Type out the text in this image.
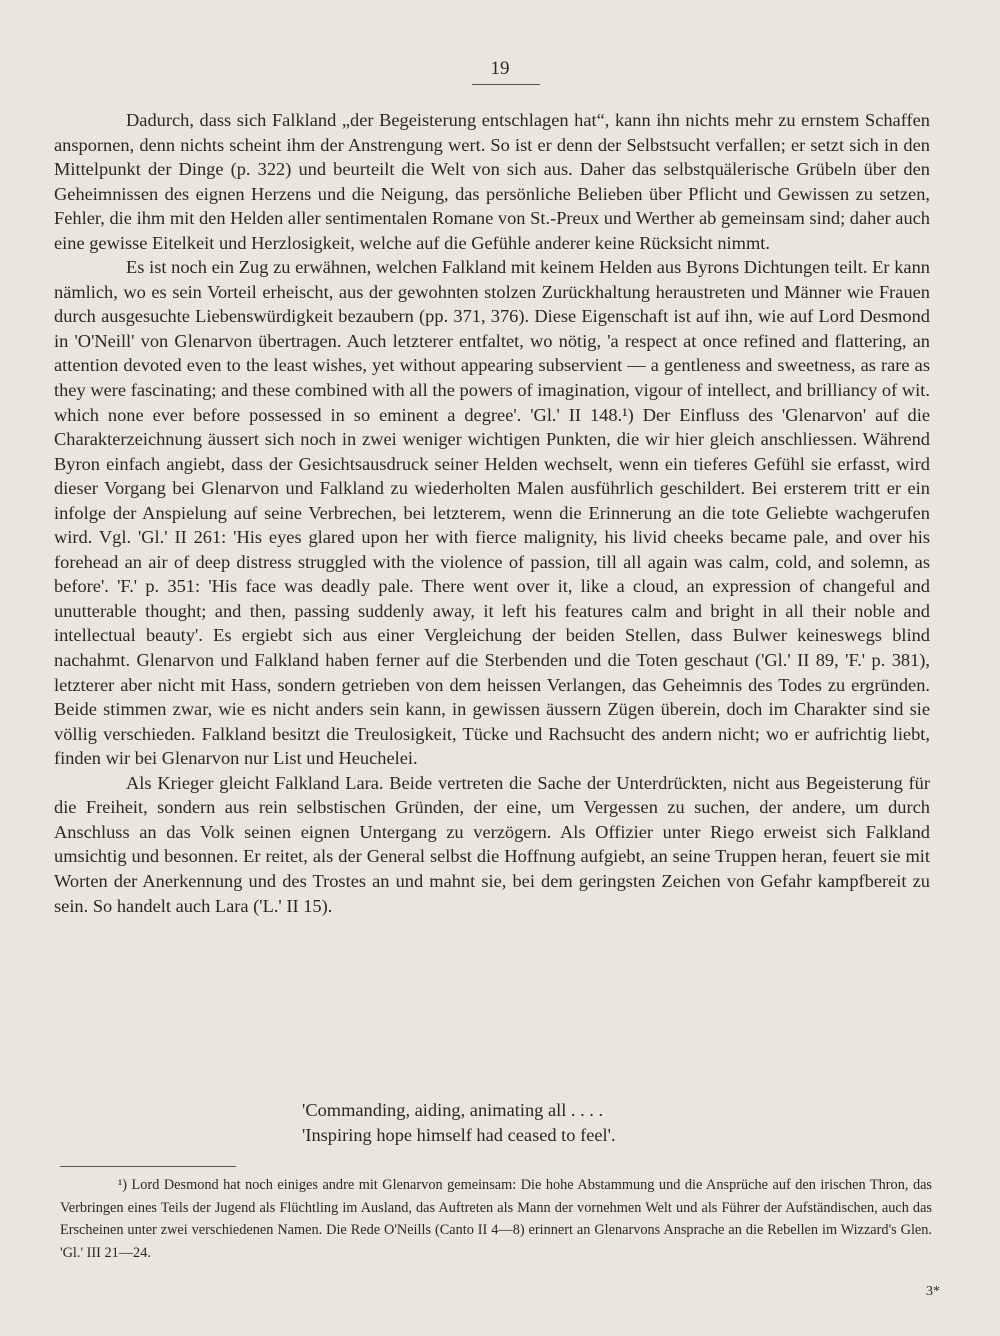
19

Dadurch, dass sich Falkland „der Begeisterung entschlagen hat“, kann ihn nichts mehr zu ernstem Schaffen anspornen, denn nichts scheint ihm der Anstrengung wert. So ist er denn der Selbstsucht verfallen; er setzt sich in den Mittelpunkt der Dinge (p. 322) und beurteilt die Welt von sich aus. Daher das selbstquälerische Grübeln über den Geheimnissen des eignen Herzens und die Neigung, das persönliche Belieben über Pflicht und Gewissen zu setzen, Fehler, die ihm mit den Helden aller sentimentalen Romane von St.-Preux und Werther ab gemeinsam sind; daher auch eine gewisse Eitelkeit und Herzlosigkeit, welche auf die Gefühle anderer keine Rücksicht nimmt.

Es ist noch ein Zug zu erwähnen, welchen Falkland mit keinem Helden aus Byrons Dichtungen teilt. Er kann nämlich, wo es sein Vorteil erheischt, aus der gewohnten stolzen Zurückhaltung heraustreten und Männer wie Frauen durch ausgesuchte Liebenswürdigkeit bezaubern (pp. 371, 376). Diese Eigenschaft ist auf ihn, wie auf Lord Desmond in 'O'Neill' von Glenarvon übertragen. Auch letzterer entfaltet, wo nötig, 'a respect at once refined and flattering, an attention devoted even to the least wishes, yet without appearing subservient — a gentleness and sweetness, as rare as they were fascinating; and these combined with all the powers of imagination, vigour of intellect, and brilliancy of wit. which none ever before possessed in so eminent a degree'. 'Gl.' II 148.¹) Der Einfluss des 'Glenarvon' auf die Charakterzeichnung äussert sich noch in zwei weniger wichtigen Punkten, die wir hier gleich anschliessen. Während Byron einfach angiebt, dass der Gesichtsausdruck seiner Helden wechselt, wenn ein tieferes Gefühl sie erfasst, wird dieser Vorgang bei Glenarvon und Falkland zu wiederholten Malen ausführlich geschildert. Bei ersterem tritt er ein infolge der Anspielung auf seine Verbrechen, bei letzterem, wenn die Erinnerung an die tote Geliebte wachgerufen wird. Vgl. 'Gl.' II 261: 'His eyes glared upon her with fierce malignity, his livid cheeks became pale, and over his forehead an air of deep distress struggled with the violence of passion, till all again was calm, cold, and solemn, as before'. 'F.' p. 351: 'His face was deadly pale. There went over it, like a cloud, an expression of changeful and unutterable thought; and then, passing suddenly away, it left his features calm and bright in all their noble and intellectual beauty'. Es ergiebt sich aus einer Vergleichung der beiden Stellen, dass Bulwer keineswegs blind nachahmt. Glenarvon und Falkland haben ferner auf die Sterbenden und die Toten geschaut ('Gl.' II 89, 'F.' p. 381), letzterer aber nicht mit Hass, sondern getrieben von dem heissen Verlangen, das Geheimnis des Todes zu ergründen. Beide stimmen zwar, wie es nicht anders sein kann, in gewissen äussern Zügen überein, doch im Charakter sind sie völlig verschieden. Falkland besitzt die Treulosigkeit, Tücke und Rachsucht des andern nicht; wo er aufrichtig liebt, finden wir bei Glenarvon nur List und Heuchelei.

Als Krieger gleicht Falkland Lara. Beide vertreten die Sache der Unterdrückten, nicht aus Begeisterung für die Freiheit, sondern aus rein selbstischen Gründen, der eine, um Vergessen zu suchen, der andere, um durch Anschluss an das Volk seinen eignen Untergang zu verzögern. Als Offizier unter Riego erweist sich Falkland umsichtig und besonnen. Er reitet, als der General selbst die Hoffnung aufgiebt, an seine Truppen heran, feuert sie mit Worten der Anerkennung und des Trostes an und mahnt sie, bei dem geringsten Zeichen von Gefahr kampfbereit zu sein. So handelt auch Lara ('L.' II 15).

'Commanding, aiding, animating all . . . .
'Inspiring hope himself had ceased to feel'.

¹) Lord Desmond hat noch einiges andre mit Glenarvon gemeinsam: Die hohe Abstammung und die Ansprüche auf den irischen Thron, das Verbringen eines Teils der Jugend als Flüchtling im Ausland, das Auftreten als Mann der vornehmen Welt und als Führer der Aufständischen, auch das Erscheinen unter zwei verschiedenen Namen. Die Rede O'Neills (Canto II 4—8) erinnert an Glenarvons Ansprache an die Rebellen im Wizzard's Glen. 'Gl.' III 21—24.

3*
